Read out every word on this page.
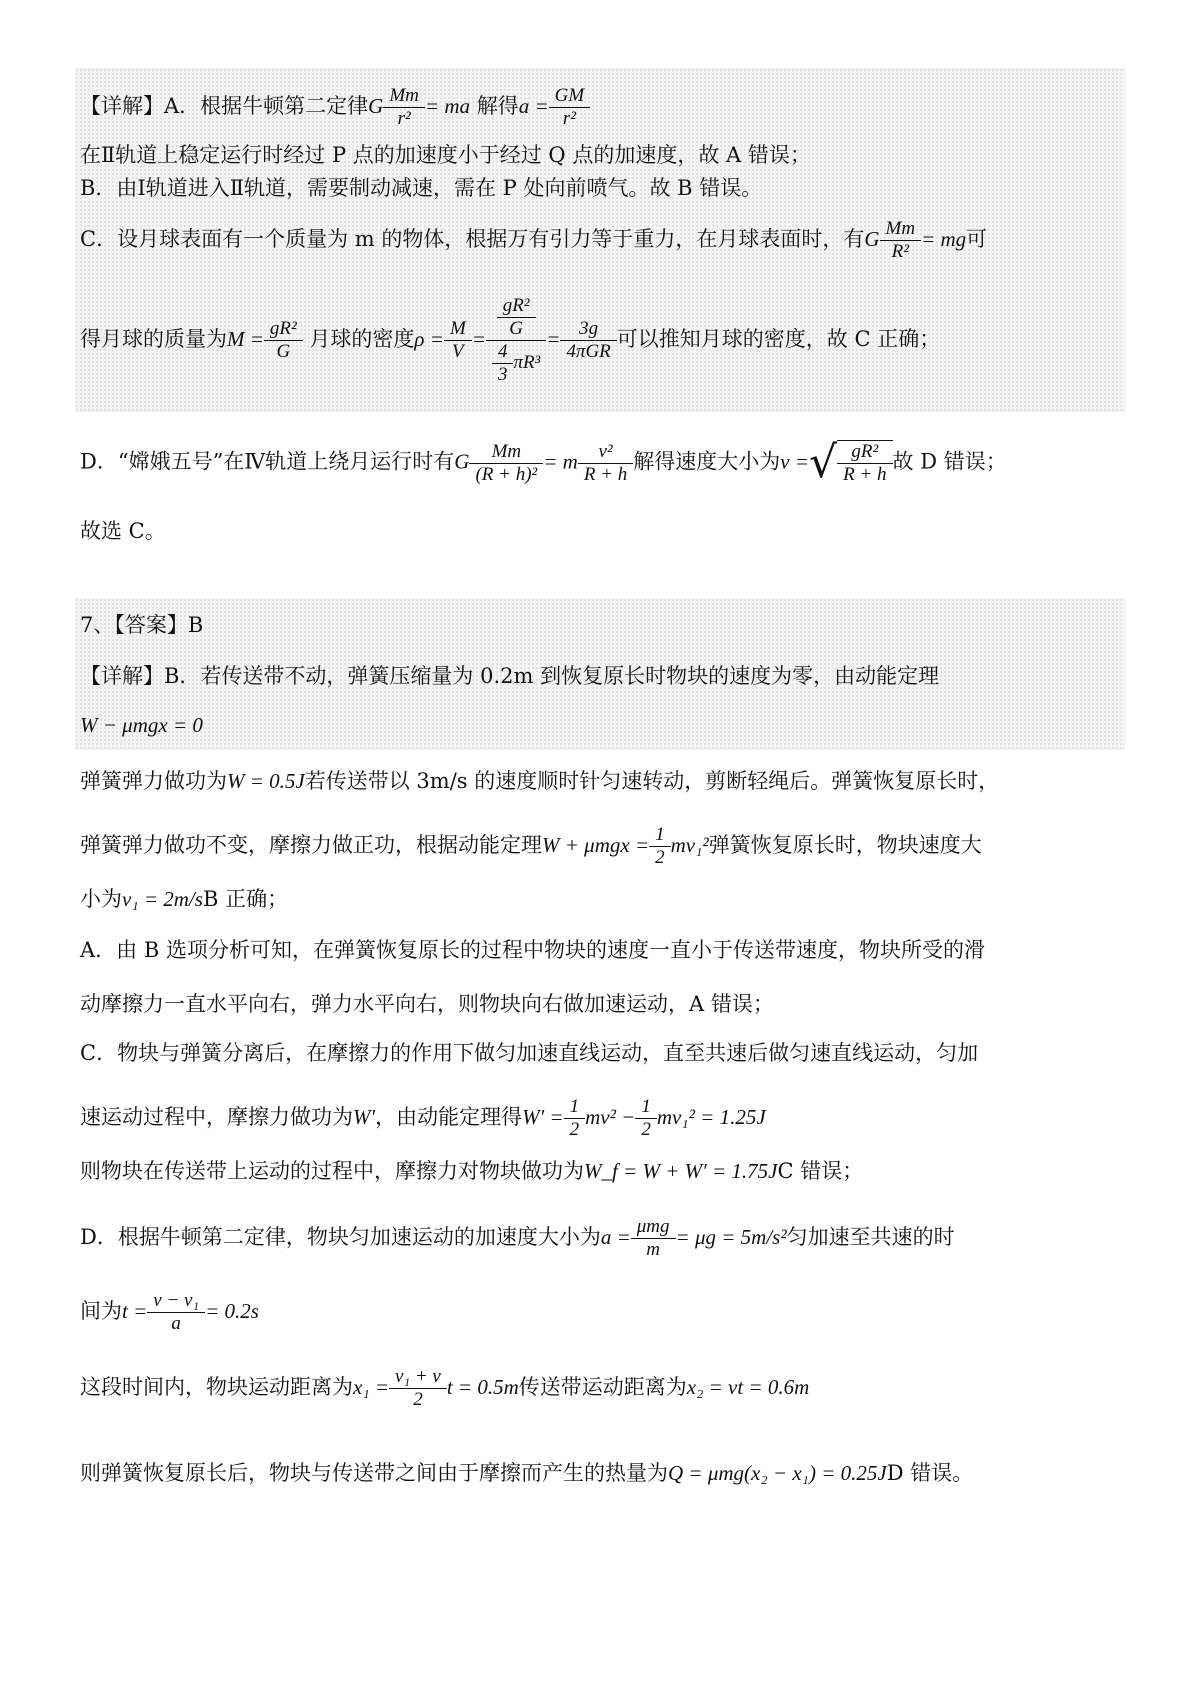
【详解】A．根据牛顿第二定律G $\frac{Mm}{\text{r²}}$ = ma 解得$a = \frac{GM}{\text{r²}}$
在Ⅱ轨道上稳定运行时经过 P 点的加速度小于经过 Q 点的加速度，故 A 错误；
B．由Ⅰ轨道进入Ⅱ轨道，需要制动减速，需在 P 处向前喷气。故 B 错误。
C．设月球表面有一个质量为 m 的物体，根据万有引力等于重力，在月球表面时，有G $\frac{Mm}{\text{R²}}$ = mg可
得月球的质量为$M = \frac{\text{gR²}}{G}$ 月球的密度$\rho = \frac{M}{V} = \frac{\frac{\text{gR²}}{G}}{\frac{4}{3} \pi R^3} = 3g$
4πGR
可以推知月球的密度，故 C 正确；
D．“嫦娥五号”在Ⅳ轨道上绕月运行时有G $\frac{Mm}{\text{(R + h)²}} = m \frac{\text{v²}}{R + h}$ 解得速度大小为v = √ gR²
R + h
故 D 错误；
故选 C。
7、【答案】B
【详解】B．若传送带不动，弹簧压缩量为 0.2m 到恢复原长时物块的速度为零，由动能定理
W − μmgx = 0
弹簧弹力做功为W = 0.5J若传送带以 3m/s 的速度顺时针匀速转动，剪断轻绳后。弹簧恢复原长时，
弹簧弹力做功不变，摩擦力做正功，根据动能定理$W + \mu mgx = \frac{1}{2} mv_1^2$弹簧恢复原长时，物块速度大
小为v₁ = 2m/sB 正确；
A．由 B 选项分析可知，在弹簧恢复原长的过程中物块的速度一直小于传送带速度，物块所受的滑
动摩擦力一直水平向右，弹力水平向右，则物块向右做加速运动，A 错误；
C．物块与弹簧分离后，在摩擦力的作用下做匀加速直线运动，直至共速后做匀速直线运动，匀加
速运动过程中，摩擦力做功为W′，由动能定理得$W' = \frac{1}{2} mv^2 - \frac{1}{2} mv_1^2 = 1.25J$
则物块在传送带上运动的过程中，摩擦力对物块做功为W_f = W + W′ = 1.75JC 错误；
D．根据牛顿第二定律，物块匀加速运动的加速度大小为a = μmg
m
= μg = 5m/s²匀加速至共速的时
间为$t = \frac{\text{v − v₁}}{a} = 0.2s$
这段时间内，物块运动距离为$x_1 = \frac{\text{v₁ + v}}{2}$ t = 0.5m传送带运动距离为x₂ = vt = 0.6m
则弹簧恢复原长后，物块与传送带之间由于摩擦而产生的热量为Q = μmg(x₂ − x₁) = 0.25JD 错误。
